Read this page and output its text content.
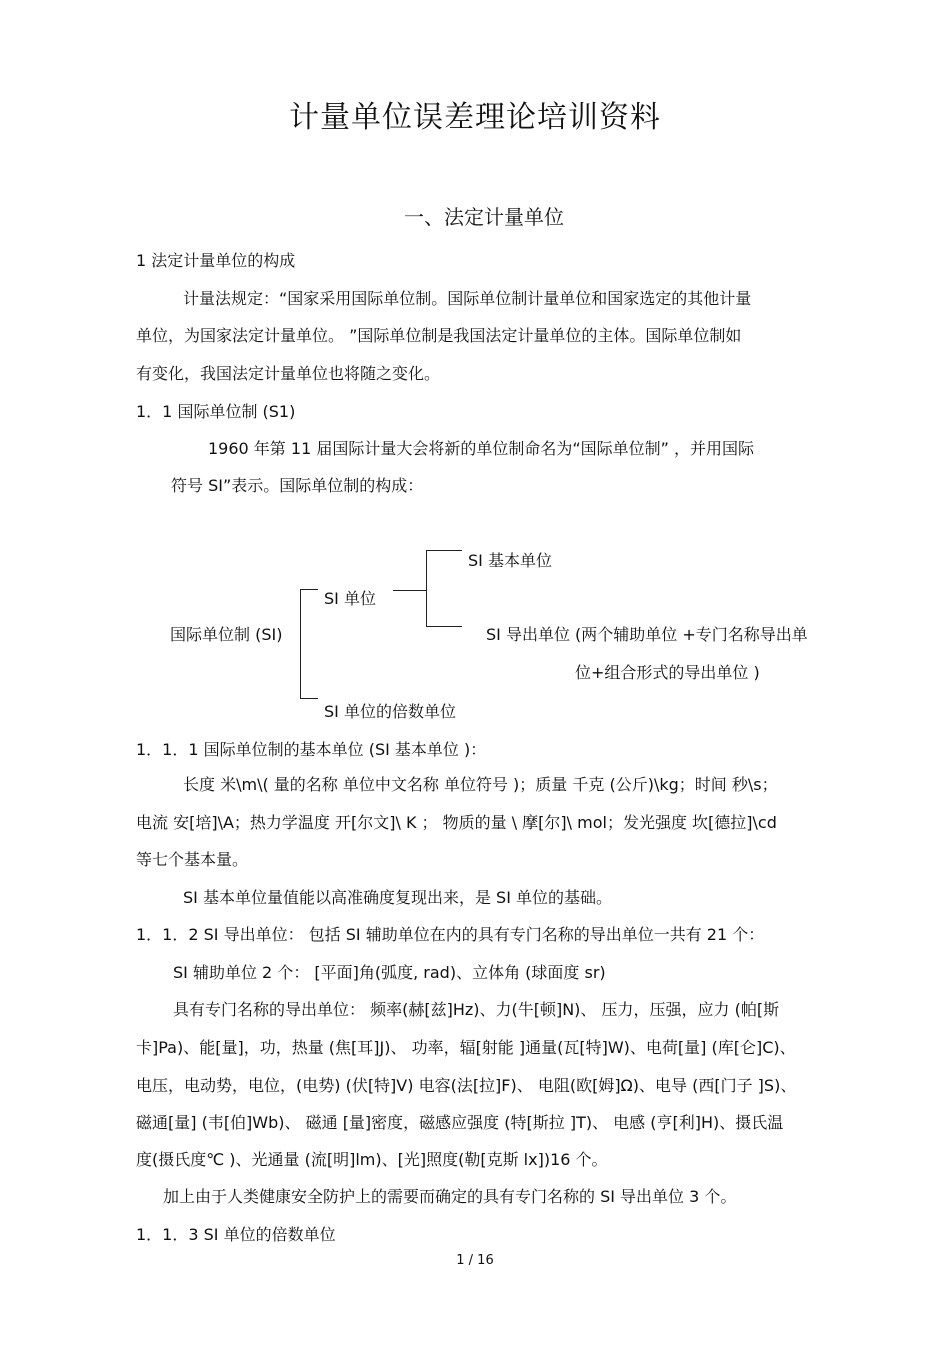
计量单位误差理论培训资料
一、法定计量单位
1 法定计量单位的构成
计量法规定：“国家采用国际单位制。国际单位制计量单位和国家选定的其他计量
单位，为国家法定计量单位。 ”国际单位制是我国法定计量单位的主体。国际单位制如
有变化，我国法定计量单位也将随之变化。
1．1 国际单位制 (S1)
1960 年第 11 届国际计量大会将新的单位制命名为“国际单位制” ，并用国际
符号 SI”表示。国际单位制的构成：
SI 基本单位
SI 单位
国际单位制 (SI)	SI 导出单位 (两个辅助单位 +专门名称导出单
位+组合形式的导出单位 )
SI 单位的倍数单位
1．1．1 国际单位制的基本单位 (SI 基本单位 )：
长度 米\m\( 量的名称 单位中文名称 单位符号 )；质量 千克 (公斤)\kg；时间 秒\s；
电流 安[培]\A；热力学温度 开[尔文]\ K ； 物质的量 \ 摩[尔]\ mol；发光强度 坎[德拉]\cd
等七个基本量。
SI 基本单位量值能以高准确度复现出来，是 SI 单位的基础。
1．1．2 SI 导出单位： 包括 SI 辅助单位在内的具有专门名称的导出单位一共有 21 个：
SI 辅助单位 2 个： [平面]角(弧度, rad)、立体角 (球面度 sr)
具有专门名称的导出单位： 频率(赫[兹]Hz)、力(牛[顿]N)、 压力，压强，应力 (帕[斯
卡]Pa)、能[量]，功，热量 (焦[耳]J)、 功率，辐[射能 ]通量(瓦[特]W)、电荷[量] (库[仑]C)、
电压，电动势，电位，(电势) (伏[特]V) 电容(法[拉]F)、 电阻(欧[姆]Ω)、电导 (西[门子 ]S)、
磁通[量] (韦[伯]Wb)、 磁通 [量]密度，磁感应强度 (特[斯拉 ]T)、 电感 (亨[利]H)、摄氏温
度(摄氏度℃ )、光通量 (流[明]lm)、[光]照度(勒[克斯 lx])16 个。
加上由于人类健康安全防护上的需要而确定的具有专门名称的 SI 导出单位 3 个。
1．1．3 SI 单位的倍数单位
1 / 16
